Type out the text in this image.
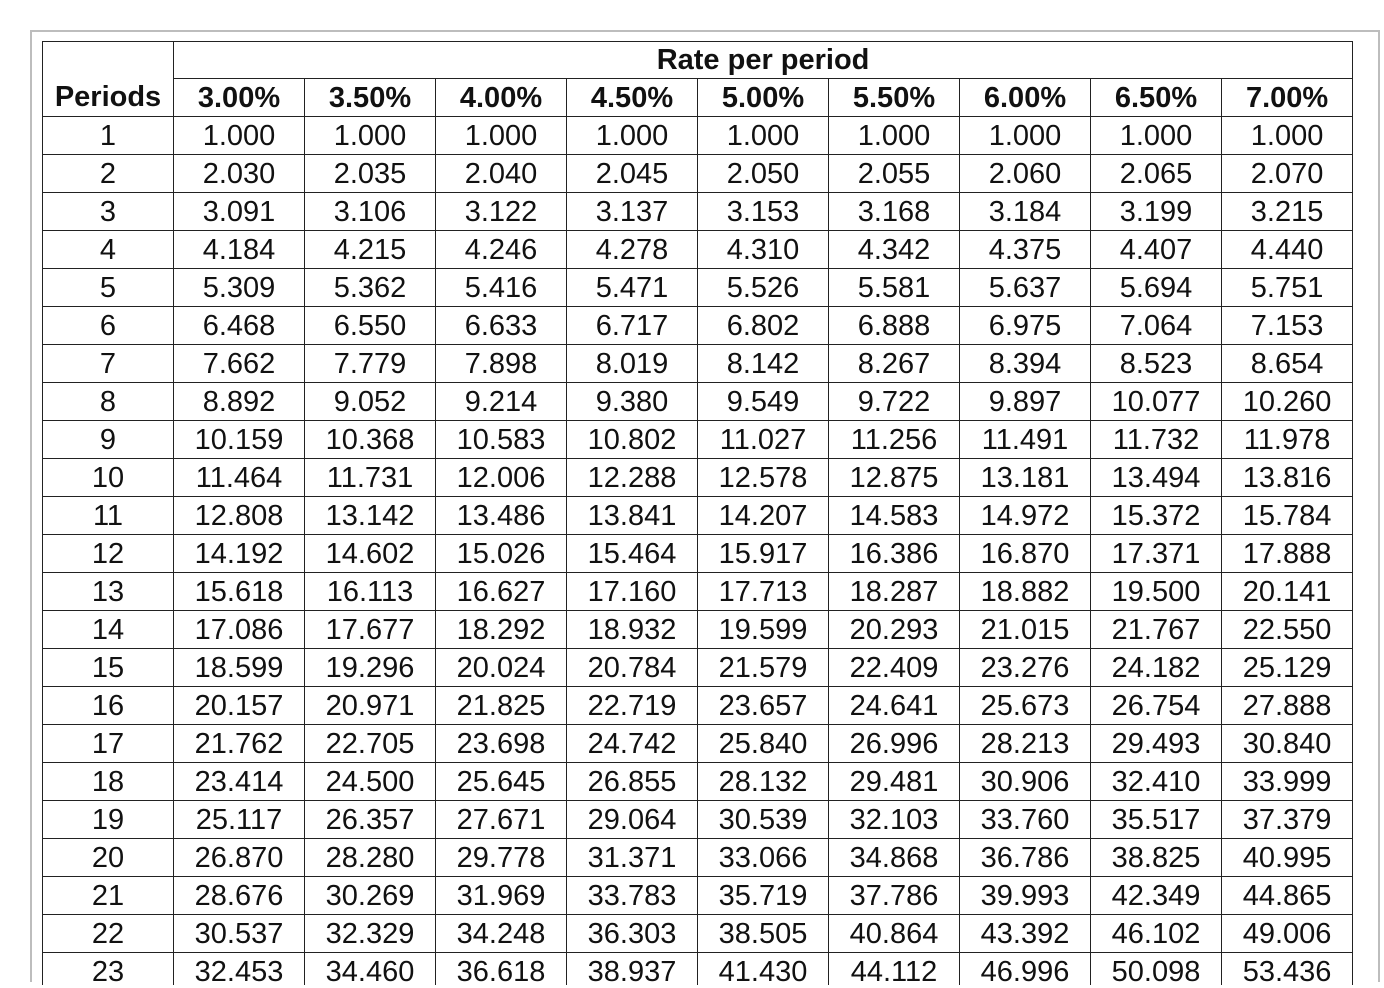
	Rate per period								
Periods	3.00%	3.50%	4.00%	4.50%	5.00%	5.50%	6.00%	6.50%	7.00%
1	1.000	1.000	1.000	1.000	1.000	1.000	1.000	1.000	1.000
2	2.030	2.035	2.040	2.045	2.050	2.055	2.060	2.065	2.070
3	3.091	3.106	3.122	3.137	3.153	3.168	3.184	3.199	3.215
4	4.184	4.215	4.246	4.278	4.310	4.342	4.375	4.407	4.440
5	5.309	5.362	5.416	5.471	5.526	5.581	5.637	5.694	5.751
6	6.468	6.550	6.633	6.717	6.802	6.888	6.975	7.064	7.153
7	7.662	7.779	7.898	8.019	8.142	8.267	8.394	8.523	8.654
8	8.892	9.052	9.214	9.380	9.549	9.722	9.897	10.077	10.260
9	10.159	10.368	10.583	10.802	11.027	11.256	11.491	11.732	11.978
10	11.464	11.731	12.006	12.288	12.578	12.875	13.181	13.494	13.816
11	12.808	13.142	13.486	13.841	14.207	14.583	14.972	15.372	15.784
12	14.192	14.602	15.026	15.464	15.917	16.386	16.870	17.371	17.888
13	15.618	16.113	16.627	17.160	17.713	18.287	18.882	19.500	20.141
14	17.086	17.677	18.292	18.932	19.599	20.293	21.015	21.767	22.550
15	18.599	19.296	20.024	20.784	21.579	22.409	23.276	24.182	25.129
16	20.157	20.971	21.825	22.719	23.657	24.641	25.673	26.754	27.888
17	21.762	22.705	23.698	24.742	25.840	26.996	28.213	29.493	30.840
18	23.414	24.500	25.645	26.855	28.132	29.481	30.906	32.410	33.999
19	25.117	26.357	27.671	29.064	30.539	32.103	33.760	35.517	37.379
20	26.870	28.280	29.778	31.371	33.066	34.868	36.786	38.825	40.995
21	28.676	30.269	31.969	33.783	35.719	37.786	39.993	42.349	44.865
22	30.537	32.329	34.248	36.303	38.505	40.864	43.392	46.102	49.006
23	32.453	34.460	36.618	38.937	41.430	44.112	46.996	50.098	53.436
